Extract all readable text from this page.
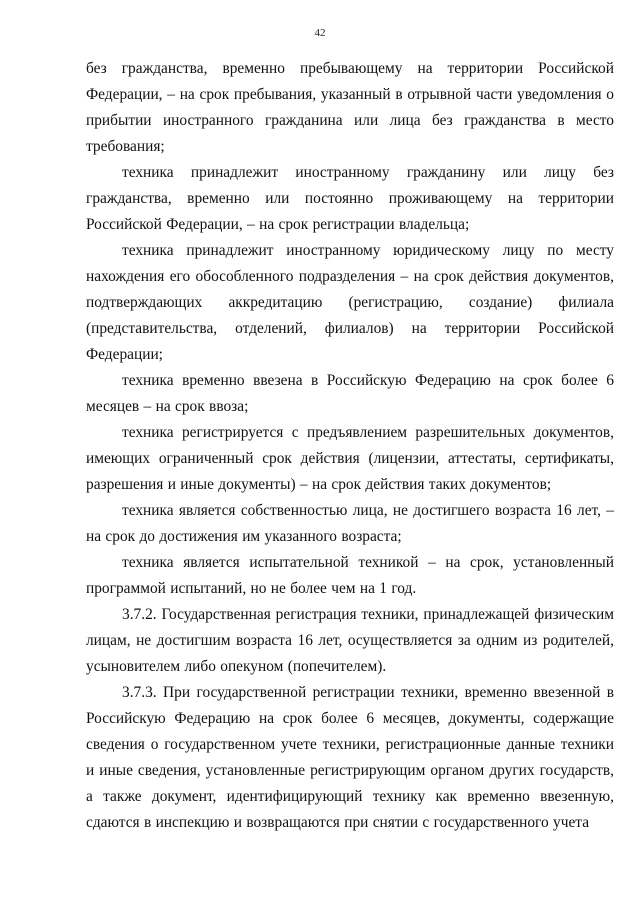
42

без гражданства, временно пребывающему на территории Российской Федерации, – на срок пребывания, указанный в отрывной части уведомления о прибытии иностранного гражданина или лица без гражданства в место требования;

техника принадлежит иностранному гражданину или лицу без гражданства, временно или постоянно проживающему на территории Российской Федерации, – на срок регистрации владельца;

техника принадлежит иностранному юридическому лицу по месту нахождения его обособленного подразделения – на срок действия документов, подтверждающих аккредитацию (регистрацию, создание) филиала (представительства, отделений, филиалов) на территории Российской Федерации;

техника временно ввезена в Российскую Федерацию на срок более 6 месяцев – на срок ввоза;

техника регистрируется с предъявлением разрешительных документов, имеющих ограниченный срок действия (лицензии, аттестаты, сертификаты, разрешения и иные документы) – на срок действия таких документов;

техника является собственностью лица, не достигшего возраста 16 лет, – на срок до достижения им указанного возраста;

техника является испытательной техникой – на срок, установленный программой испытаний, но не более чем на 1 год.

3.7.2. Государственная регистрация техники, принадлежащей физическим лицам, не достигшим возраста 16 лет, осуществляется за одним из родителей, усыновителем либо опекуном (попечителем).

3.7.3. При государственной регистрации техники, временно ввезенной в Российскую Федерацию на срок более 6 месяцев, документы, содержащие сведения о государственном учете техники, регистрационные данные техники и иные сведения, установленные регистрирующим органом других государств, а также документ, идентифицирующий технику как временно ввезенную, сдаются в инспекцию и возвращаются при снятии с государственного учета
